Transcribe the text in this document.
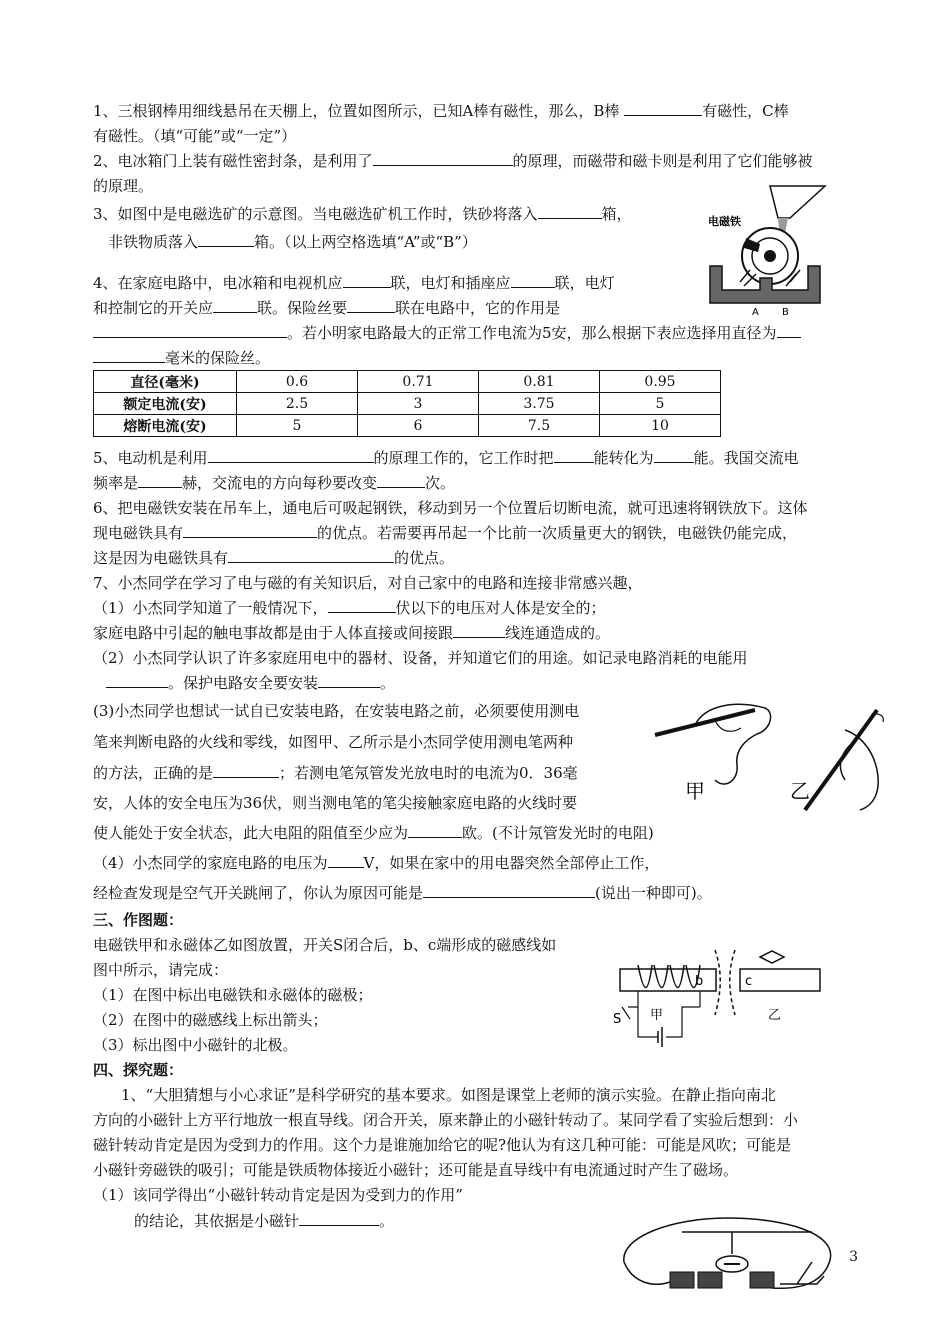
1、三根钢棒用细线悬吊在天棚上，位置如图所示，已知A棒有磁性，那么，B棒	有磁性，C棒
有磁性。（填“可能”或“一定”）
2、电冰箱门上装有磁性密封条，是利用了	的原理，而磁带和磁卡则是利用了它们能够被
的原理。
3、如图中是电磁选矿的示意图。当电磁选矿机工作时，铁砂将落入	箱，
非铁物质落入	箱。（以上两空格选填“A”或“B”）
电磁铁
A B
4、在家庭电路中，电冰箱和电视机应	联，电灯和插座应	联，电灯
和控制它的开关应	联。保险丝要	联在电路中，它的作用是
。若小明家电路最大的正常工作电流为5安，那么根据下表应选择用直径为
毫米的保险丝。
直径(毫米)	0.6	0.71	0.81	0.95
额定电流(安)	2.5	3	3.75	5
熔断电流(安)	5	6	7.5	10
5、电动机是利用	的原理工作的，它工作时把	能转化为	能。我国交流电
频率是	赫，交流电的方向每秒要改变	次。
6、把电磁铁安装在吊车上，通电后可吸起钢铁，移动到另一个位置后切断电流，就可迅速将钢铁放下。这体
现电磁铁具有	的优点。若需要再吊起一个比前一次质量更大的钢铁，电磁铁仍能完成，
这是因为电磁铁具有	的优点。
7、小杰同学在学习了电与磁的有关知识后，对自己家中的电路和连接非常感兴趣，
（1）小杰同学知道了一般情况下，	伏以下的电压对人体是安全的；
家庭电路中引起的触电事故都是由于人体直接或间接跟	线连通造成的。
（2）小杰同学认识了许多家庭用电中的器材、设备，并知道它们的用途。如记录电路消耗的电能用
。保护电路安全要安装	。
(3)小杰同学也想试一试自已安装电路，在安装电路之前，必须要使用测电
笔来判断电路的火线和零线，如图甲、乙所示是小杰同学使用测电笔两种
的方法，正确的是	；若测电笔氖管发光放电时的电流为0．36毫
安，人体的安全电压为36伏，则当测电笔的笔尖接触家庭电路的火线时要
使人能处于安全状态，此大电阻的阻值至少应为	欧。(不计氖管发光时的电阻)
甲	乙
（4）小杰同学的家庭电路的电压为 V，如果在家中的用电器突然全部停止工作，
经检查发现是空气开关跳闸了，你认为原因可能是	(说出一种即可)。
三、作图题：
电磁铁甲和永磁体乙如图放置，开关S闭合后，b、c端形成的磁感线如
图中所示，请完成：
（1）在图中标出电磁铁和永磁体的磁极；
（2）在图中的磁感线上标出箭头；
（3）标出图中小磁针的北极。
b	c
S 甲	乙
四、探究题：
1、“大胆猜想与小心求证”是科学研究的基本要求。如图是课堂上老师的演示实验。在静止指向南北
方向的小磁针上方平行地放一根直导线。闭合开关，原来静止的小磁针转动了。某同学看了实验后想到：小
磁针转动肯定是因为受到力的作用。这个力是谁施加给它的呢?他认为有这几种可能：可能是风吹；可能是
小磁针旁磁铁的吸引；可能是铁质物体接近小磁针；还可能是直导线中有电流通过时产生了磁场。
（1）该同学得出“小磁针转动肯定是因为受到力的作用”
的结论，其依据是小磁针	。
3
